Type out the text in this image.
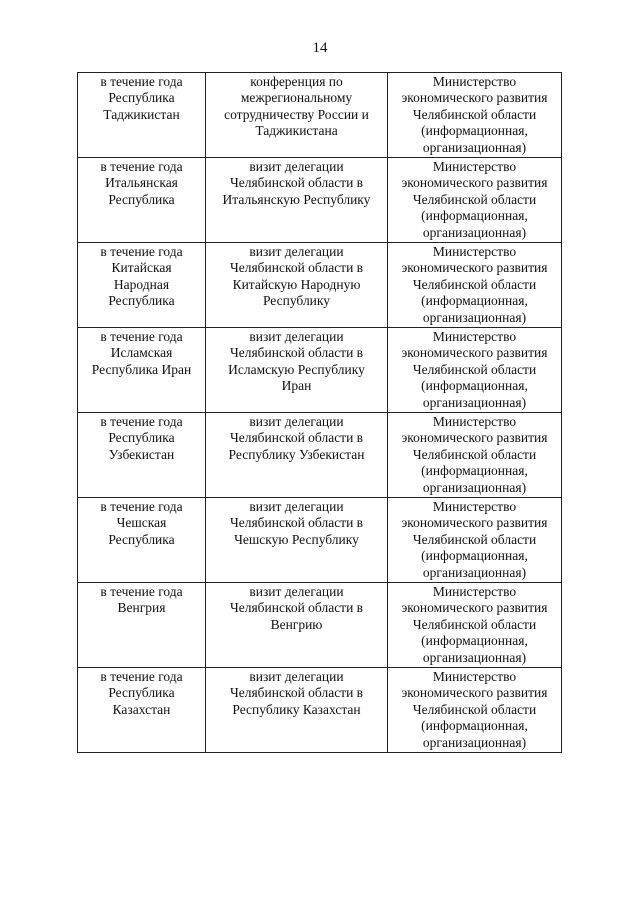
14
в течение года
Республика
Таджикистан	конференция по
межрегиональному
сотрудничеству России и
Таджикистана	Министерство
экономического развития
Челябинской области
(информационная,
организационная)

в течение года
Итальянская
Республика	визит делегации
Челябинской области в
Итальянскую Республику	Министерство
экономического развития
Челябинской области
(информационная,
организационная)

в течение года
Китайская
Народная
Республика	визит делегации
Челябинской области в
Китайскую Народную
Республику	Министерство
экономического развития
Челябинской области
(информационная,
организационная)

в течение года
Исламская
Республика Иран	визит делегации
Челябинской области в
Исламскую Республику
Иран	Министерство
экономического развития
Челябинской области
(информационная,
организационная)

в течение года
Республика
Узбекистан	визит делегации
Челябинской области в
Республику Узбекистан	Министерство
экономического развития
Челябинской области
(информационная,
организационная)

в течение года
Чешская
Республика	визит делегации
Челябинской области в
Чешскую Республику	Министерство
экономического развития
Челябинской области
(информационная,
организационная)

в течение года
Венгрия	визит делегации
Челябинской области в
Венгрию	Министерство
экономического развития
Челябинской области
(информационная,
организационная)

в течение года
Республика
Казахстан	визит делегации
Челябинской области в
Республику Казахстан	Министерство
экономического развития
Челябинской области
(информационная,
организационная)
